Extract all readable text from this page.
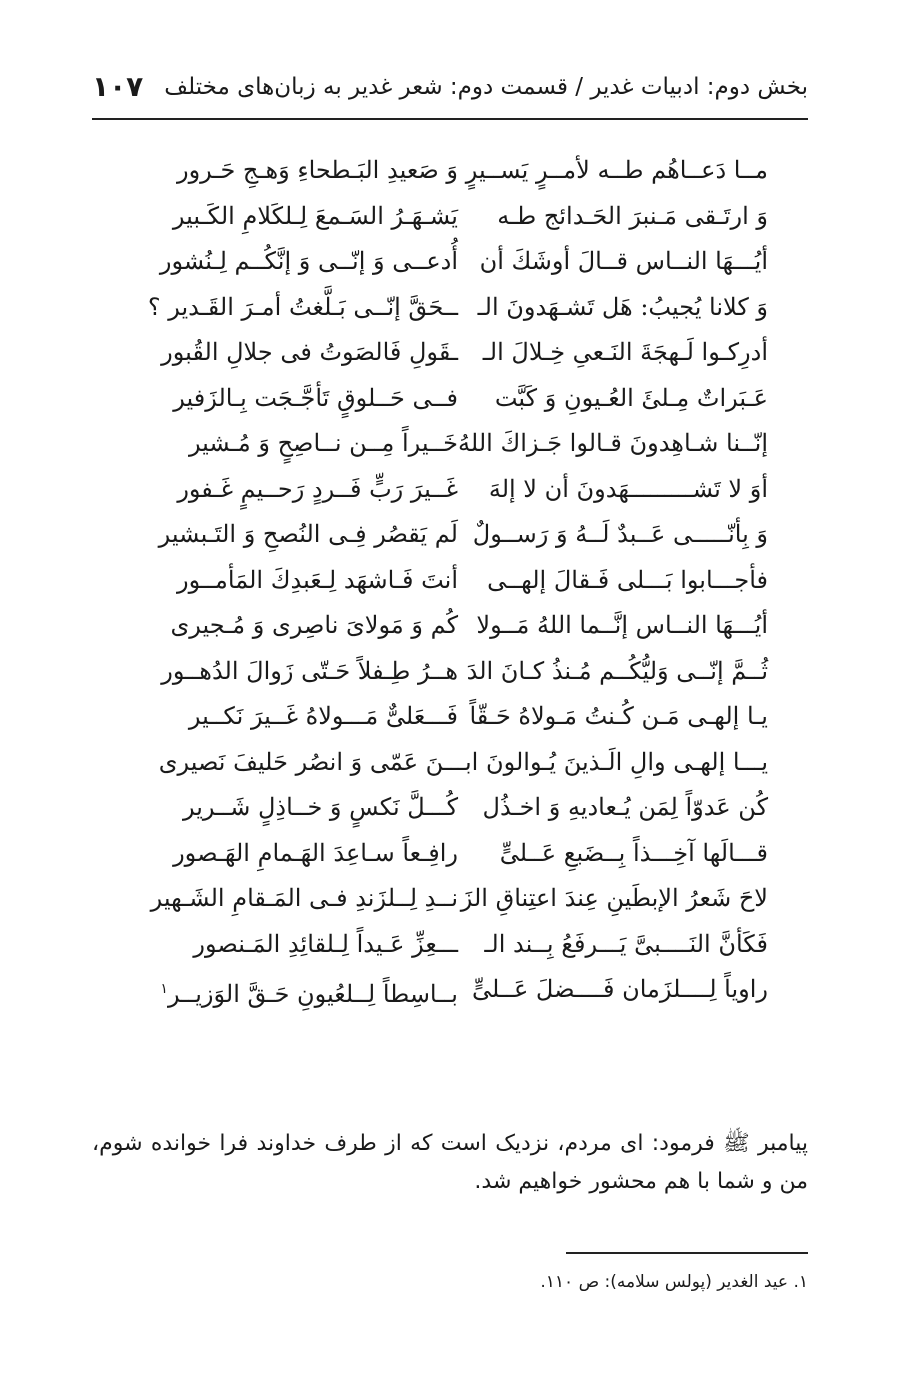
بخش دوم: ادبیات غدیر / قسمت دوم: شعر غدیر به زبان‌های مختلف
۱۰۷
مــا دَعــاهُم طــه لأمــرٍ یَســیرٍ
وَ صَعیدِ البَـطحاءِ وَهـجِ حَـرور
وَ ارتَـقی مَـنبرَ الحَـدائج طـه
یَشـهَـرُ السَـمعَ لِـلكَلامِ الكَـبیر
أیُـــهَا النــاس قــالَ أوشَكَ أن
أُدعــی وَ إنّــی وَ إنَّكُــم لِـنُشور
وَ كلانا یُجیبُ: هَل تَشـهَدونَ الـ
ــحَقَّ إنّــی بَـلَّغتُ أمـرَ القَـدیر ؟
أدرِكـوا لَـهجَةَ النَـعیِ خِـلالَ الـ
ـقَولِ فَالصَوتُ فی جلالِ القُبور
عَـبَراتٌ مِـلئَ العُـیونِ وَ كَبَّت
فــی حَــلوقٍ تَأجَّـجَت بِـالزَفیر
إنّــنا شـاهِدونَ قـالوا جَـزاكَ اللهُ
خَــیراً مِــن نــاصِحٍ وَ مُـشیر
أوَ لا تَشـــــــــهَدونَ أن لا إلهَ
غَــیرَ رَبٍّ فَــردٍ رَحــیمٍ غَـفور
وَ بِأنّـــــی عَــبدٌ لَــهُ وَ رَســولٌ
لَم یَقصُر فِـی النُصحِ وَ التَـبشیر
فأجـــابوا بَـــلی فَـقالَ إلهــی
أنتَ فَـاشهَد لِـعَبدِكَ المَأمــور
أیُـــهَا النــاس إنَّــما اللهُ مَــولا
كُم وَ مَولایَ ناصِری وَ مُـجیری
ثُــمَّ إنّــی وَلیُّكُــم مُـنذُ كـانَ الدَ
هــرُ طِـفلاً حَـتّی زَوالَ الدُهــور
یـا إلهـی مَـن كُـنتُ مَـولاهُ حَـقّاً
فَـــعَلیٌّ مَـــولاهُ غَــیرَ نَكــیر
یـــا إلهـی والِ الَـذینَ یُـوالونَ ابـ
ــنَ عَمّی وَ انصُر حَلیفَ نَصیری
كُن عَدوّاً لِمَن یُـعادیهِ وَ اخـذُل
كُـــلَّ نَكسٍ وَ خــاذِلٍ شَــریر
قـــالَها آخِـــذاً بِــضَبعِ عَــلیٍّ
رافِـعاً سـاعِدَ الهَـمامِ الهَـصور
لاحَ شَعرُ الإبطَینِ عِندَ اعتِناقِ الزَ
نــدِ لِــلزَندِ فـی المَـقامِ الشَـهیر
فَكَأنَّ النَــــبیَّ یَـــرفَعُ بِــند الـ
ـــعِزِّ عَـیداً لِـلقائِدِ المَـنصور
راویاً لِــــلزَمان فَــــضلَ عَــلیٍّ
بــاسِطاً لِــلعُیونِ حَـقَّ الوَزیــر$^۱$

پیامبر ﷺ فرمود: ای مردم، نزدیک است که از طرف خداوند فرا خوانده شوم، من و شما با هم محشور خواهیم شد.

۱. عید الغدیر (پولس سلامه): ص ۱۱۰.
